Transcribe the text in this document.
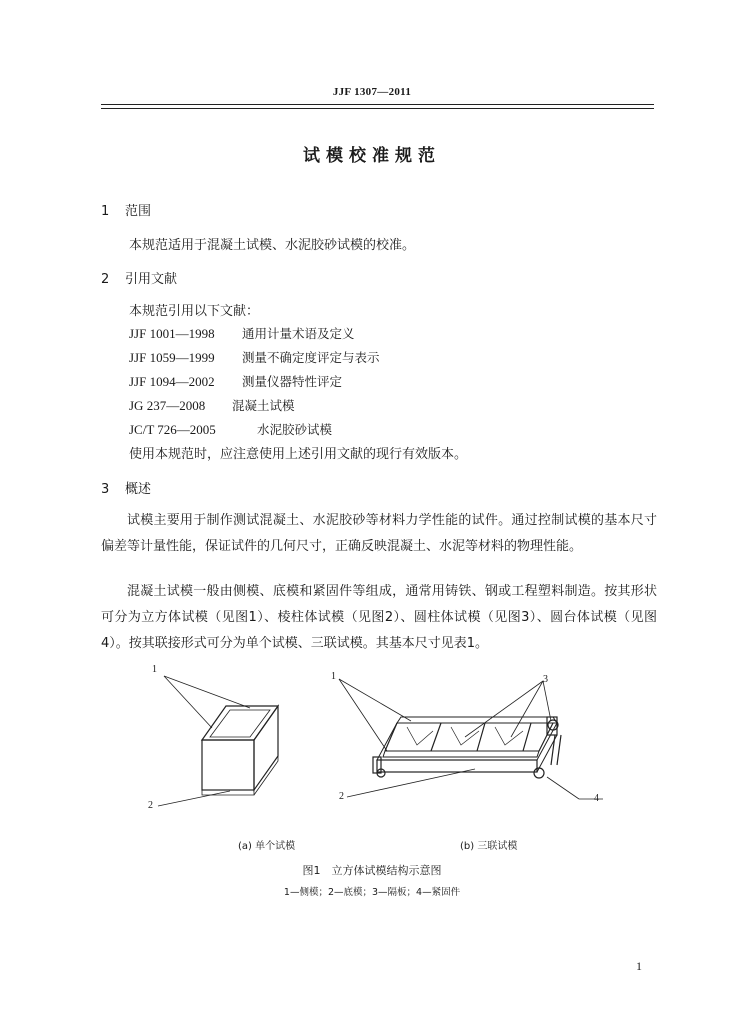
JJF 1307—2011
试模校准规范
1 范围
本规范适用于混凝土试模、水泥胶砂试模的校准。
2 引用文献
本规范引用以下文献：
JJF 1001—1998 通用计量术语及定义
JJF 1059—1999 测量不确定度评定与表示
JJF 1094—2002 测量仪器特性评定
JG 237—2008 混凝土试模
JC/T 726—2005	水泥胶砂试模
使用本规范时，应注意使用上述引用文献的现行有效版本。
3 概述
试模主要用于制作测试混凝土、水泥胶砂等材料力学性能的试件。通过控制试模的基本尺寸偏差等计量性能，保证试件的几何尺寸，正确反映混凝土、水泥等材料的物理性能。
混凝土试模一般由侧模、底模和紧固件等组成，通常用铸铁、钢或工程塑料制造。按其形状可分为立方体试模（见图1）、棱柱体试模（见图2）、圆柱体试模（见图3）、圆台体试模（见图4）。按其联接形式可分为单个试模、三联试模。其基本尺寸见表1。
1
2
1
2
3
4
(a) 单个试模	(b) 三联试模
图1　立方体试模结构示意图
1—侧模；2—底模；3—隔板；4—紧固件
1
